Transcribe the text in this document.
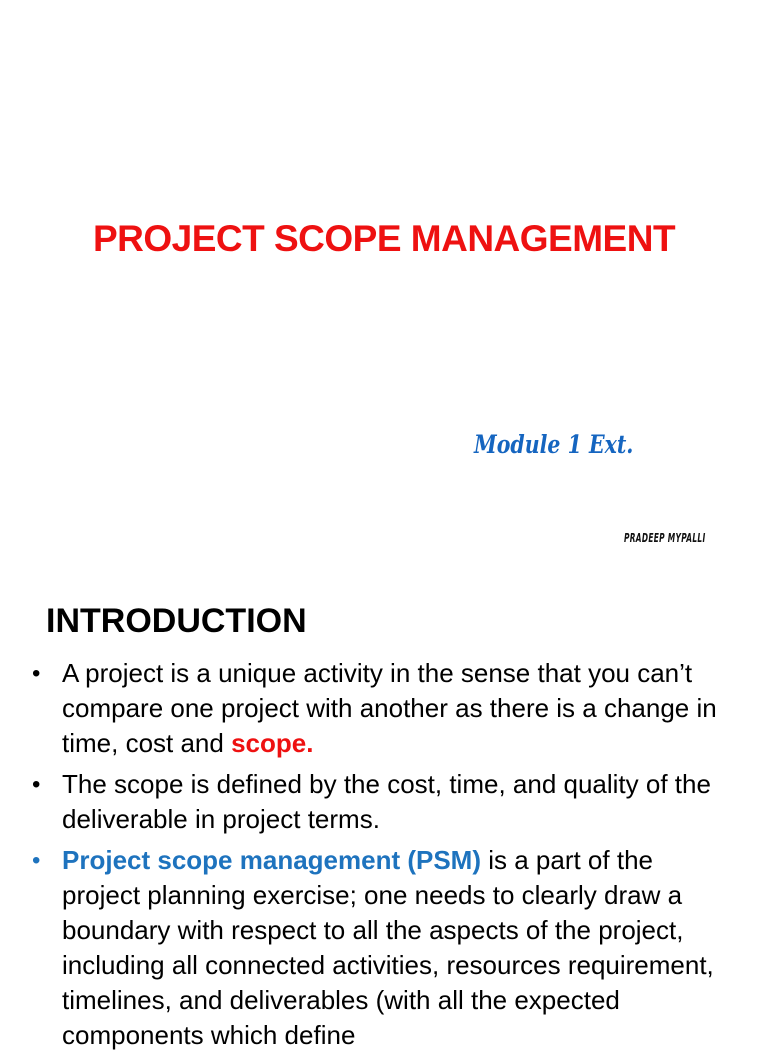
PROJECT SCOPE MANAGEMENT
Module 1 Ext.
PRADEEP MYPALLI
INTRODUCTION
• A project is a unique activity in the sense that you can’t compare one project with another as there is a change in time, cost and scope.
• The scope is defined by the cost, time, and quality of the deliverable in project terms.
• Project scope management (PSM) is a part of the project planning exercise; one needs to clearly draw a boundary with respect to all the aspects of the project, including all connected activities, resources requirement, timelines, and deliverables (with all the expected components which define
